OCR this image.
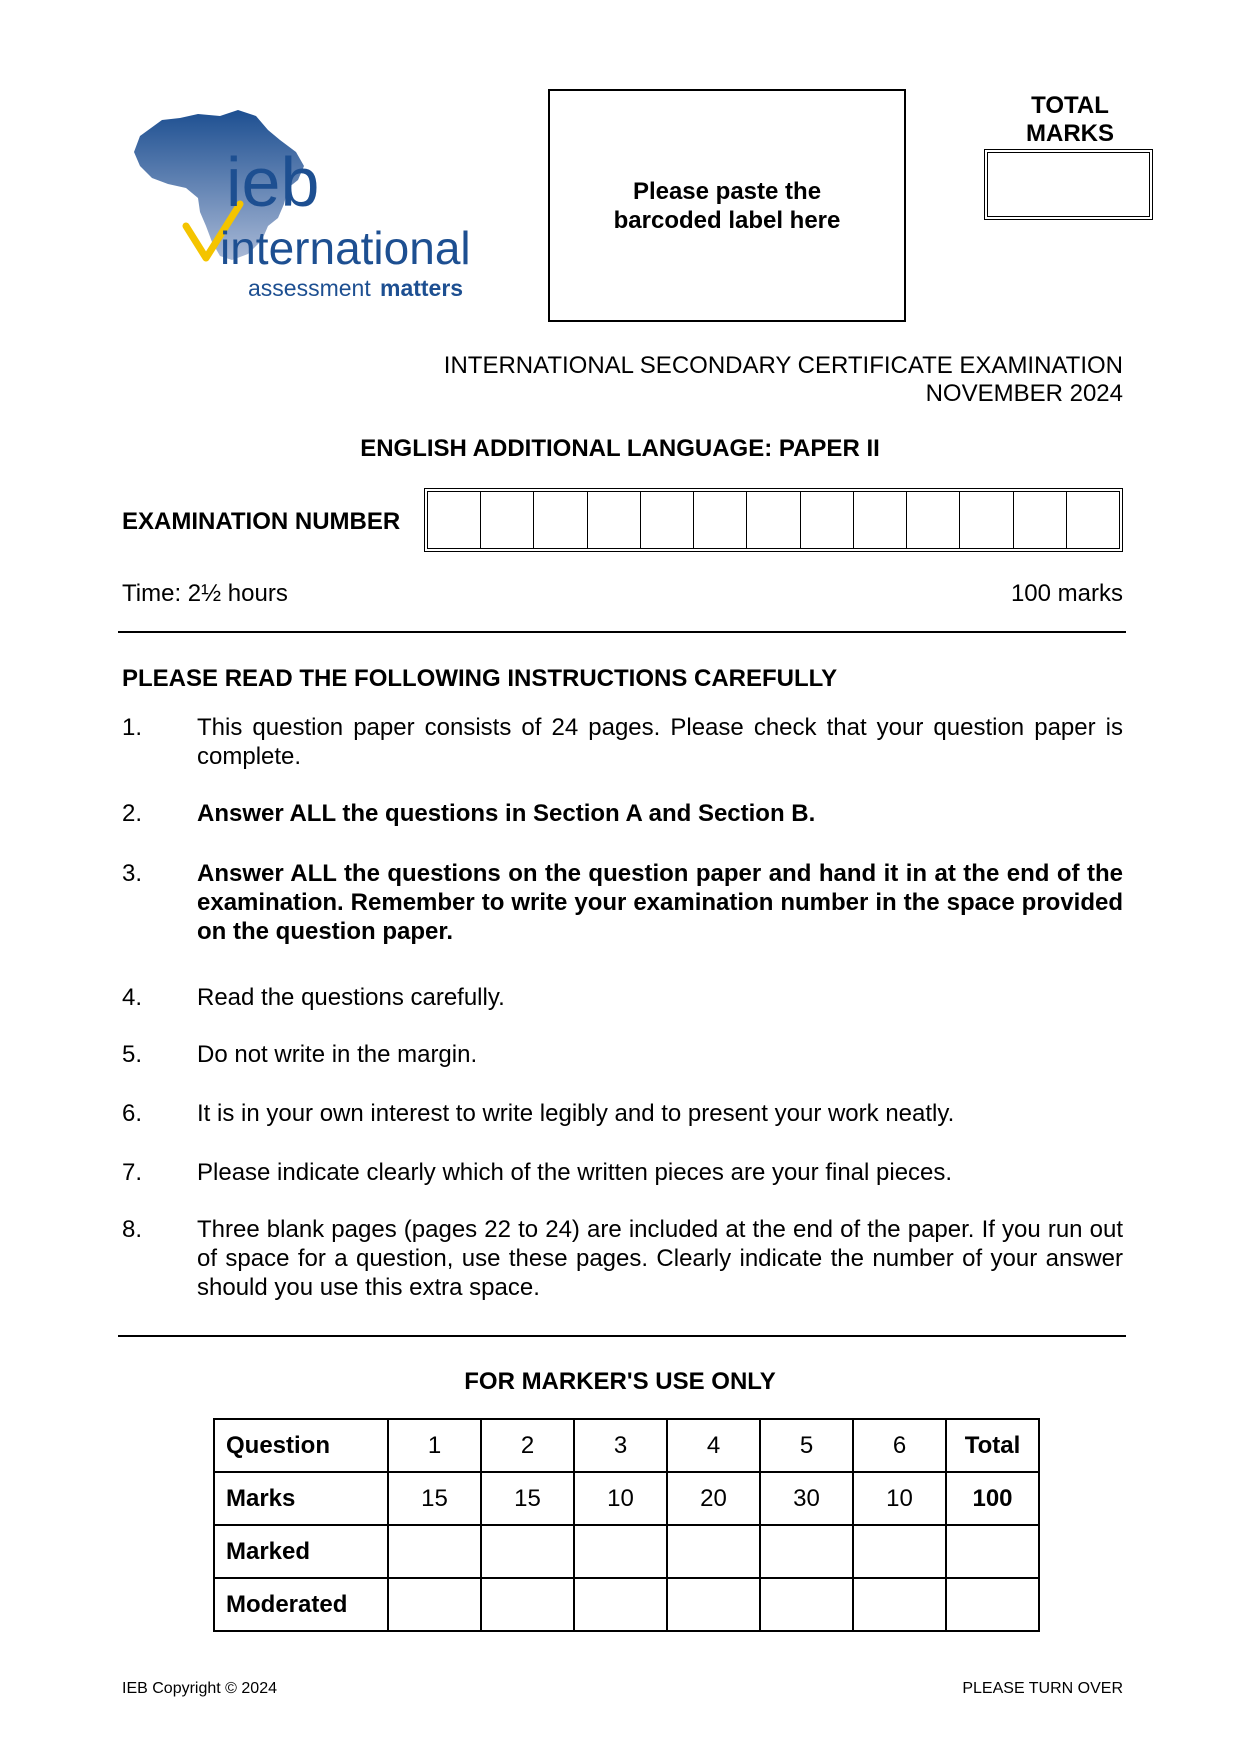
ieb
international
assessment matters
Please paste the barcoded label here
TOTAL MARKS
INTERNATIONAL SECONDARY CERTIFICATE EXAMINATION
NOVEMBER 2024
ENGLISH ADDITIONAL LANGUAGE: PAPER II
EXAMINATION NUMBER
Time: 2½ hours	100 marks
PLEASE READ THE FOLLOWING INSTRUCTIONS CAREFULLY
1.	This question paper consists of 24 pages. Please check that your question paper is complete.
2.	Answer ALL the questions in Section A and Section B.
3.	Answer ALL the questions on the question paper and hand it in at the end of the examination. Remember to write your examination number in the space provided on the question paper.
4.	Read the questions carefully.
5.	Do not write in the margin.
6.	It is in your own interest to write legibly and to present your work neatly.
7.	Please indicate clearly which of the written pieces are your final pieces.
8.	Three blank pages (pages 22 to 24) are included at the end of the paper. If you run out of space for a question, use these pages. Clearly indicate the number of your answer should you use this extra space.
FOR MARKER'S USE ONLY
Question	1	2	3	4	5	6	Total
Marks	15	15	10	20	30	10	100
Marked							
Moderated							
IEB Copyright © 2024	PLEASE TURN OVER
